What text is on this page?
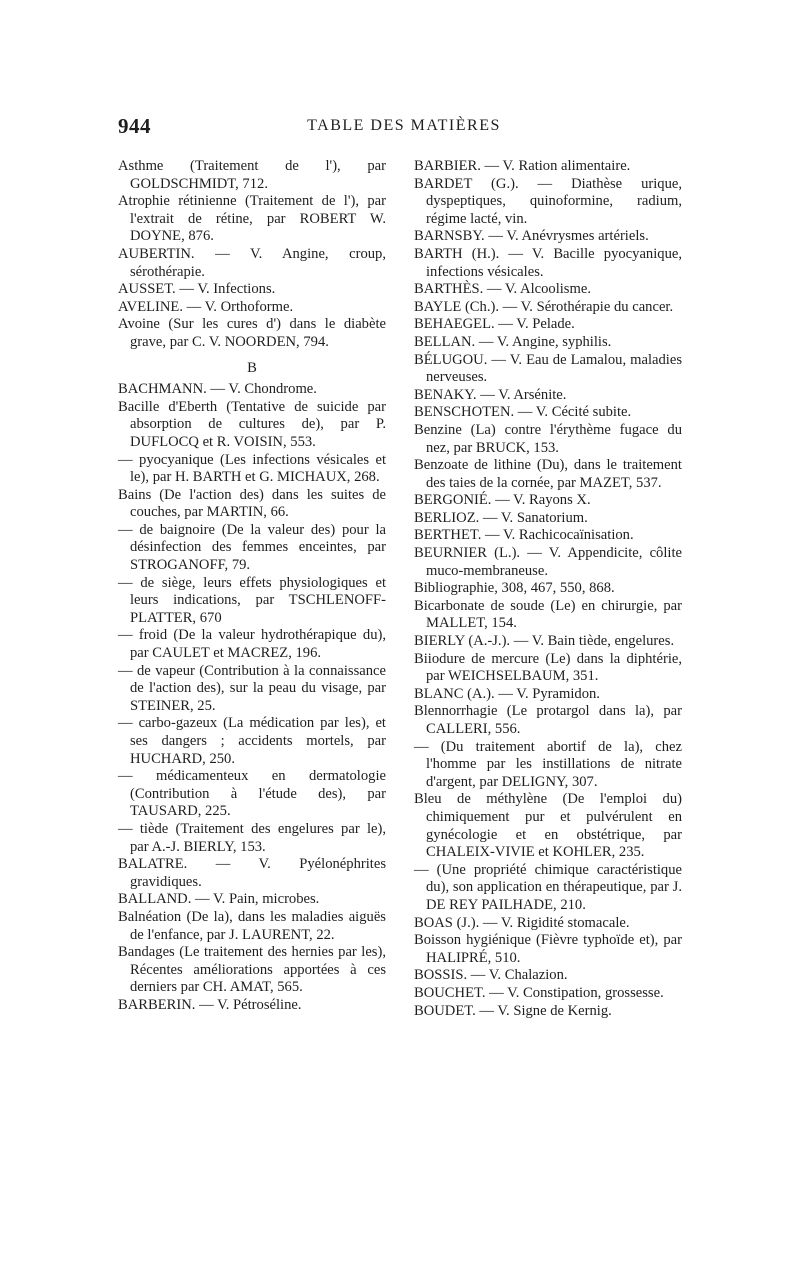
944	TABLE DES MATIÈRES
Asthme (Traitement de l'), par GOLDSCHMIDT, 712.
Atrophie rétinienne (Traitement de l'), par l'extrait de rétine, par ROBERT W. DOYNE, 876.
AUBERTIN. — V. Angine, croup, sérothérapie.
AUSSET. — V. Infections.
AVELINE. — V. Orthoforme.
Avoine (Sur les cures d') dans le diabète grave, par C. V. NOORDEN, 794.
B
BACHMANN. — V. Chondrome.
Bacille d'Eberth (Tentative de suicide par absorption de cultures de), par P. DUFLOCQ et R. VOISIN, 553.
— pyocyanique (Les infections vésicales et le), par H. BARTH et G. MICHAUX, 268.
Bains (De l'action des) dans les suites de couches, par MARTIN, 66.
— de baignoire (De la valeur des) pour la désinfection des femmes enceintes, par STROGANOFF, 79.
— de siège, leurs effets physiologiques et leurs indications, par TSCHLENOFF-PLATTER, 670
— froid (De la valeur hydrothérapique du), par CAULET et MACREZ, 196.
— de vapeur (Contribution à la connaissance de l'action des), sur la peau du visage, par STEINER, 25.
— carbo-gazeux (La médication par les), et ses dangers ; accidents mortels, par HUCHARD, 250.
— médicamenteux en dermatologie (Contribution à l'étude des), par TAUSARD, 225.
— tiède (Traitement des engelures par le), par A.-J. BIERLY, 153.
BALATRE. — V. Pyélonéphrites gravidiques.
BALLAND. — V. Pain, microbes.
Balnéation (De la), dans les maladies aiguës de l'enfance, par J. LAURENT, 22.
Bandages (Le traitement des hernies par les), Récentes améliorations apportées à ces derniers par CH. AMAT, 565.
BARBERIN. — V. Pétroséline.
BARBIER. — V. Ration alimentaire.
BARDET (G.). — Diathèse urique, dyspeptiques, quinoformine, radium, régime lacté, vin.
BARNSBY. — V. Anévrysmes artériels.
BARTH (H.). — V. Bacille pyocyanique, infections vésicales.
BARTHÈS. — V. Alcoolisme.
BAYLE (Ch.). — V. Sérothérapie du cancer.
BEHAEGEL. — V. Pelade.
BELLAN. — V. Angine, syphilis.
BÉLUGOU. — V. Eau de Lamalou, maladies nerveuses.
BENAKY. — V. Arsénite.
BENSCHOTEN. — V. Cécité subite.
Benzine (La) contre l'érythème fugace du nez, par BRUCK, 153.
Benzoate de lithine (Du), dans le traitement des taies de la cornée, par MAZET, 537.
BERGONIÉ. — V. Rayons X.
BERLIOZ. — V. Sanatorium.
BERTHET. — V. Rachicocaïnisation.
BEURNIER (L.). — V. Appendicite, côlite muco-membraneuse.
Bibliographie, 308, 467, 550, 868.
Bicarbonate de soude (Le) en chirurgie, par MALLET, 154.
BIERLY (A.-J.). — V. Bain tiède, engelures.
Biiodure de mercure (Le) dans la diphtérie, par WEICHSELBAUM, 351.
BLANC (A.). — V. Pyramidon.
Blennorrhagie (Le protargol dans la), par CALLERI, 556.
— (Du traitement abortif de la), chez l'homme par les instillations de nitrate d'argent, par DELIGNY, 307.
Bleu de méthylène (De l'emploi du) chimiquement pur et pulvérulent en gynécologie et en obstétrique, par CHALEIX-VIVIE et KOHLER, 235.
— (Une propriété chimique caractéristique du), son application en thérapeutique, par J. DE REY PAILHADE, 210.
BOAS (J.). — V. Rigidité stomacale.
Boisson hygiénique (Fièvre typhoïde et), par HALIPRÉ, 510.
BOSSIS. — V. Chalazion.
BOUCHET. — V. Constipation, grossesse.
BOUDET. — V. Signe de Kernig.
